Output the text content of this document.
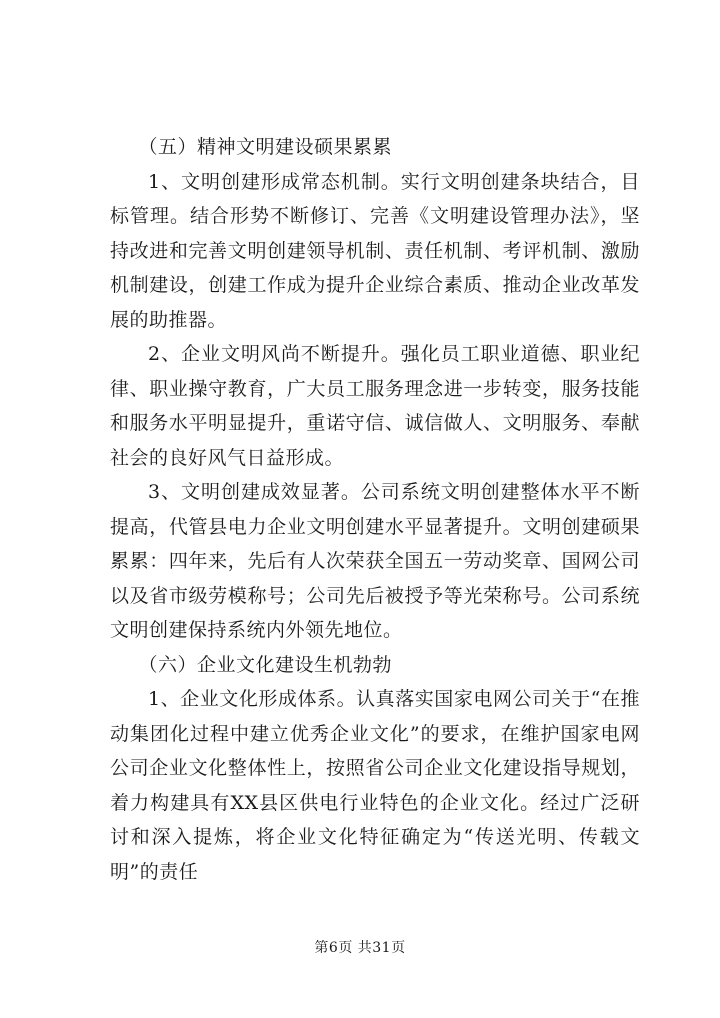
（五）精神文明建设硕果累累

1、文明创建形成常态机制。实行文明创建条块结合，目标管理。结合形势不断修订、完善《文明建设管理办法》，坚持改进和完善文明创建领导机制、责任机制、考评机制、激励机制建设，创建工作成为提升企业综合素质、推动企业改革发展的助推器。

2、企业文明风尚不断提升。强化员工职业道德、职业纪律、职业操守教育，广大员工服务理念进一步转变，服务技能和服务水平明显提升，重诺守信、诚信做人、文明服务、奉献社会的良好风气日益形成。

3、文明创建成效显著。公司系统文明创建整体水平不断提高，代管县电力企业文明创建水平显著提升。文明创建硕果累累：四年来，先后有人次荣获全国五一劳动奖章、国网公司以及省市级劳模称号；公司先后被授予等光荣称号。公司系统文明创建保持系统内外领先地位。

（六）企业文化建设生机勃勃

1、企业文化形成体系。认真落实国家电网公司关于“在推动集团化过程中建立优秀企业文化”的要求，在维护国家电网公司企业文化整体性上，按照省公司企业文化建设指导规划，着力构建具有XX县区供电行业特色的企业文化。经过广泛研讨和深入提炼，将企业文化特征确定为“传送光明、传载文明”的责任

第6页 共31页
